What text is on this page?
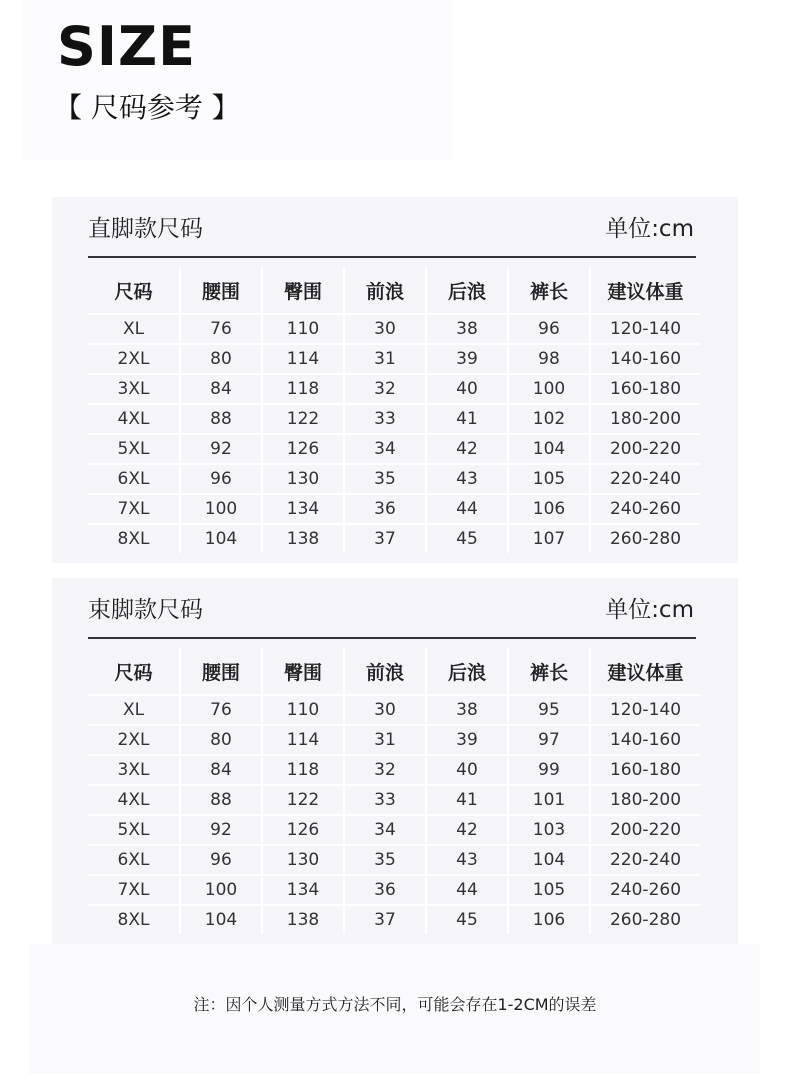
SIZE
【 尺码参考 】
直脚款尺码	单位:cm
尺码	腰围	臀围	前浪	后浪	裤长	建议体重
XL	76	110	30	38	96	120-140
2XL	80	114	31	39	98	140-160
3XL	84	118	32	40	100	160-180
4XL	88	122	33	41	102	180-200
5XL	92	126	34	42	104	200-220
6XL	96	130	35	43	105	220-240
7XL	100	134	36	44	106	240-260
8XL	104	138	37	45	107	260-280
束脚款尺码	单位:cm
尺码	腰围	臀围	前浪	后浪	裤长	建议体重
XL	76	110	30	38	95	120-140
2XL	80	114	31	39	97	140-160
3XL	84	118	32	40	99	160-180
4XL	88	122	33	41	101	180-200
5XL	92	126	34	42	103	200-220
6XL	96	130	35	43	104	220-240
7XL	100	134	36	44	105	240-260
8XL	104	138	37	45	106	260-280
注：因个人测量方式方法不同，可能会存在1-2CM的误差
